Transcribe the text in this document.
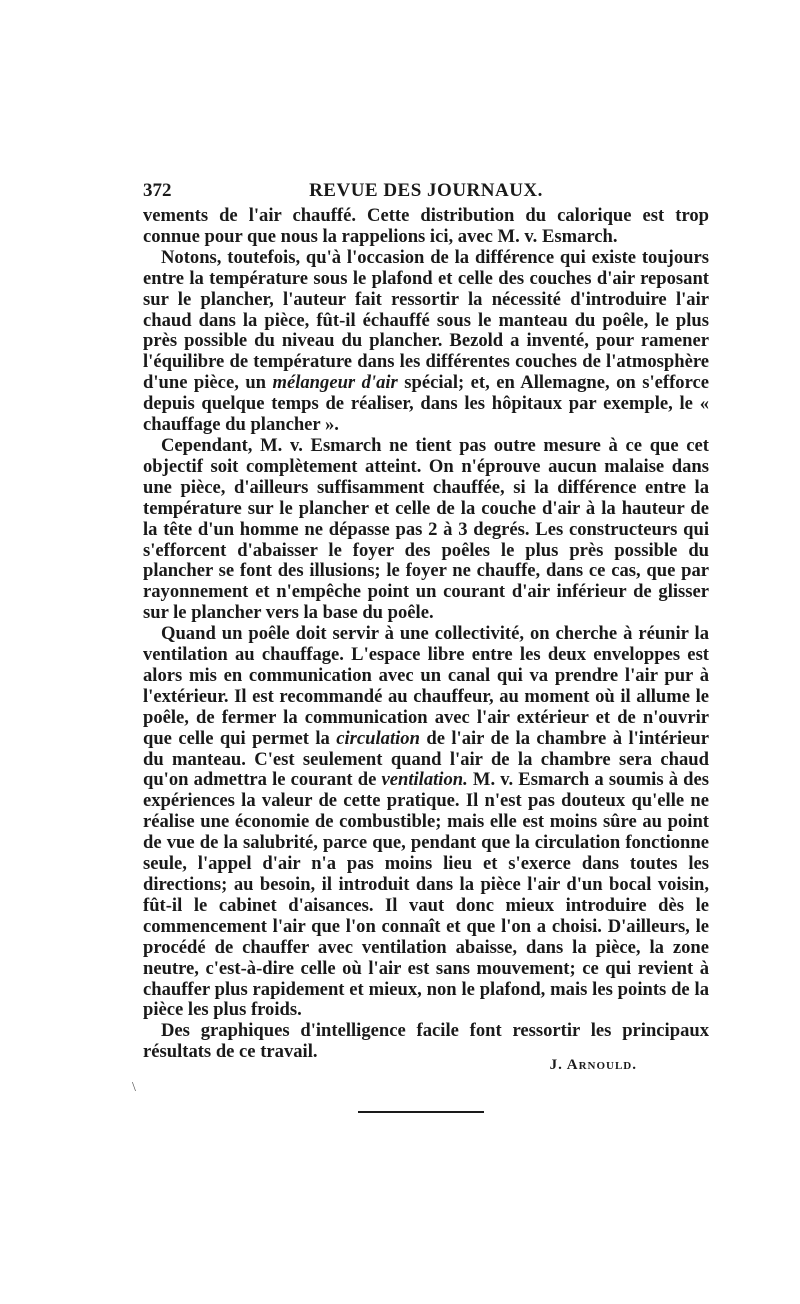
372	REVUE DES JOURNAUX.

vements de l'air chauffé. Cette distribution du calorique est trop connue pour que nous la rappelions ici, avec M. v. Esmarch.

Notons, toutefois, qu'à l'occasion de la différence qui existe toujours entre la température sous le plafond et celle des couches d'air reposant sur le plancher, l'auteur fait ressortir la nécessité d'introduire l'air chaud dans la pièce, fût-il échauffé sous le manteau du poêle, le plus près possible du niveau du plancher. Bezold a inventé, pour ramener l'équilibre de température dans les différentes couches de l'atmosphère d'une pièce, un mélangeur d'air spécial; et, en Allemagne, on s'efforce depuis quelque temps de réaliser, dans les hôpitaux par exemple, le « chauffage du plancher ».

Cependant, M. v. Esmarch ne tient pas outre mesure à ce que cet objectif soit complètement atteint. On n'éprouve aucun malaise dans une pièce, d'ailleurs suffisamment chauffée, si la différence entre la température sur le plancher et celle de la couche d'air à la hauteur de la tête d'un homme ne dépasse pas 2 à 3 degrés. Les constructeurs qui s'efforcent d'abaisser le foyer des poêles le plus près possible du plancher se font des illusions; le foyer ne chauffe, dans ce cas, que par rayonnement et n'empêche point un courant d'air inférieur de glisser sur le plancher vers la base du poêle.

Quand un poêle doit servir à une collectivité, on cherche à réunir la ventilation au chauffage. L'espace libre entre les deux enveloppes est alors mis en communication avec un canal qui va prendre l'air pur à l'extérieur. Il est recommandé au chauffeur, au moment où il allume le poêle, de fermer la communication avec l'air extérieur et de n'ouvrir que celle qui permet la circulation de l'air de la chambre à l'intérieur du manteau. C'est seulement quand l'air de la chambre sera chaud qu'on admettra le courant de ventilation. M. v. Esmarch a soumis à des expériences la valeur de cette pratique. Il n'est pas douteux qu'elle ne réalise une économie de combustible; mais elle est moins sûre au point de vue de la salubrité, parce que, pendant que la circulation fonctionne seule, l'appel d'air n'a pas moins lieu et s'exerce dans toutes les directions; au besoin, il introduit dans la pièce l'air d'un bocal voisin, fût-il le cabinet d'aisances. Il vaut donc mieux introduire dès le commencement l'air que l'on connaît et que l'on a choisi. D'ailleurs, le procédé de chauffer avec ventilation abaisse, dans la pièce, la zone neutre, c'est-à-dire celle où l'air est sans mouvement; ce qui revient à chauffer plus rapidement et mieux, non le plafond, mais les points de la pièce les plus froids.

Des graphiques d'intelligence facile font ressortir les principaux résultats de ce travail.

J. Arnould.
\
